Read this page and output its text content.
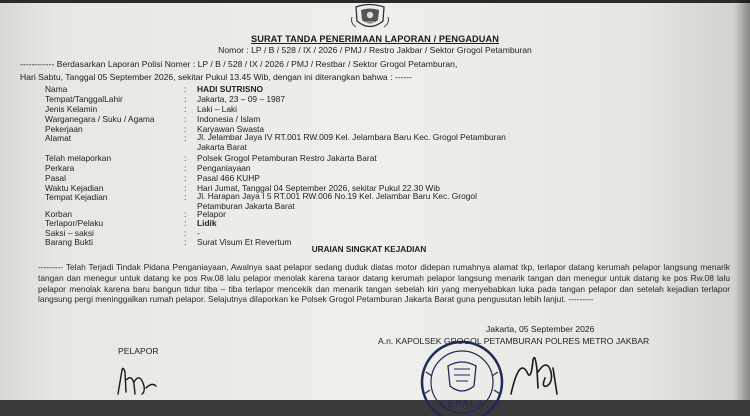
SURAT TANDA PENERIMAAN LAPORAN / PENGADUAN
Nomor : LP / B / 528 / IX / 2026 / PMJ / Restro Jakbar / Sektor Grogol Petamburan
------------ Berdasarkan Laporan Polisi Nomer : LP / B / 528 / IX / 2026 / PMJ / Restbar / Sektor Grogol Petamburan,
Hari Sabtu, Tanggal 05 September 2026, sekitar Pukul 13.45 Wib, dengan ini diterangkan bahwa : ------
Nama	: HADI SUTRISNO
Tempat/TanggalLahir	: Jakarta, 23 – 09 – 1987
Jenis Kelamin	: Laki – Laki
Warganegara / Suku / Agama	: Indonesia / Islam
Pekerjaan	: Karyawan Swasta
Alamat	: Jl. Jelambar Jaya IV RT.001 RW.009 Kel. Jelambara Baru Kec. Grogol Petamburan Jakarta Barat
Telah melaporkan	: Polsek Grogol Petamburan Restro Jakarta Barat
Perkara	: Penganiayaan
Pasal	: Pasal 466 KUHP
Waktu Kejadian	: Hari Jumat, Tanggal 04 September 2026, sekitar Pukul 22.30 Wib
Tempat Kejadian	: Jl. Harapan Jaya I 5 RT.001 RW.006 No.19 Kel. Jelambar Baru Kec. Grogol Petamburan Jakarta Barat
Korban	: Pelapor
Terlapor/Pelaku	: Lidik
Saksi – saksi	: -
Barang Bukti	: Surat Visum Et Revertum
URAIAN SINGKAT KEJADIAN
--------- Telah Terjadi Tindak Pidana Penganiayaan, Awalnya saat pelapor sedang duduk diatas motor didepan rumahnya alamat tkp, terlapor datang kerumah pelapor langsung menarik tangan dan menegur untuk datang ke pos Rw.08 lalu pelapor menolak karena taraor datang kerumah pelapor langsung menarik tangan dan menegur untuk datang ke pos Rw.08 lalu pelapor menolak karena baru bangun tidur tiba – tiba terlapor mencekik dan menarik tangan sebelah kiri yang menyebabkan luka pada tangan pelapor dan setelah kejadian terlapor langsung pergi meninggalkan rumah pelapor. Selajutnya dilaporkan ke Polsek Grogol Petamburan Jakarta Barat guna pengusutan lebih lanjut. ---------
Jakarta, 05 September 2026
A.n. KAPOLSEK GROGOL PETAMBURAN POLRES METRO JAKBAR
PELAPOR
KEPALA
